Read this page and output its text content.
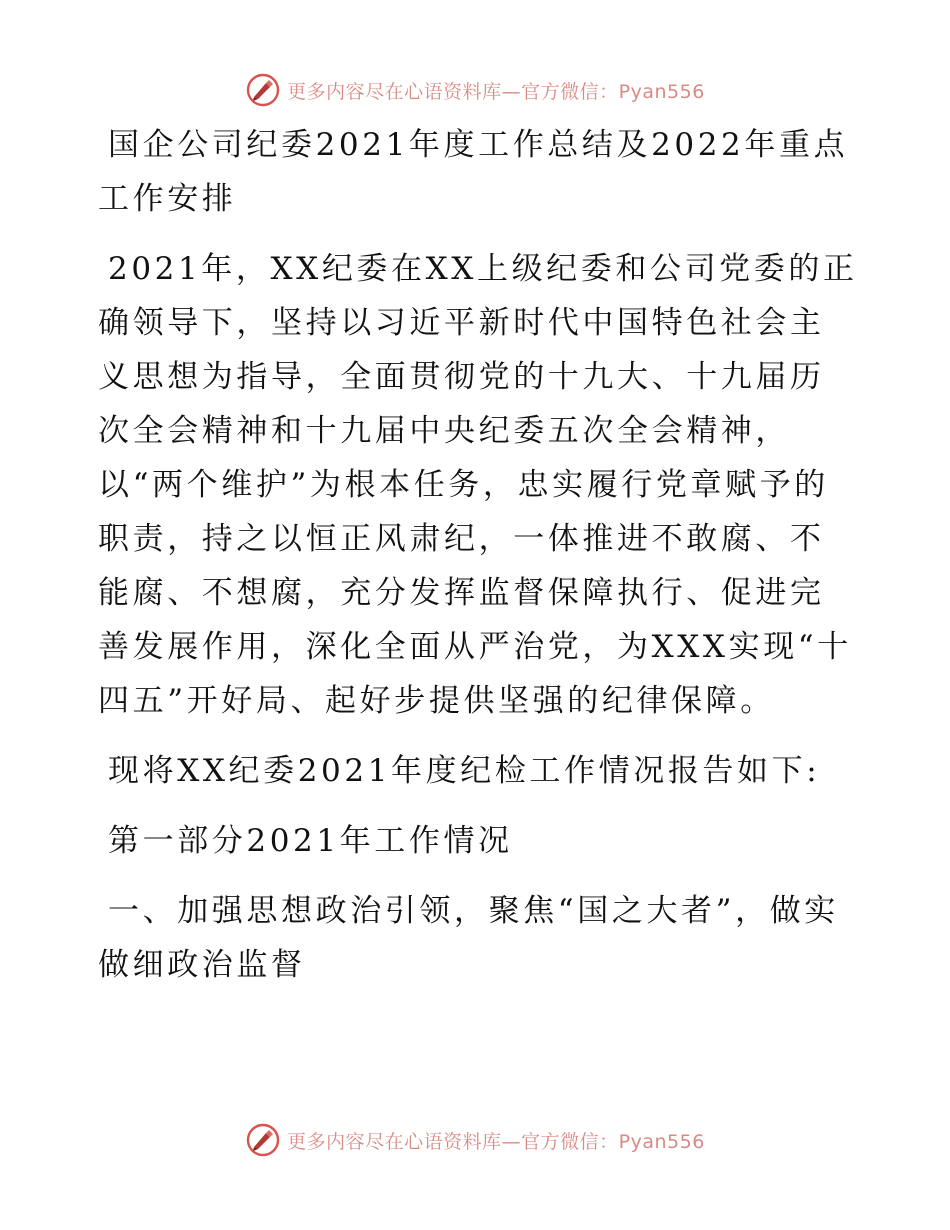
更多内容尽在心语资料库—官方微信：Pyan556

国企公司纪委2021年度工作总结及2022年重点工作安排

2021年，XX纪委在XX上级纪委和公司党委的正确领导下，坚持以习近平新时代中国特色社会主义思想为指导，全面贯彻党的十九大、十九届历次全会精神和十九届中央纪委五次全会精神，以“两个维护”为根本任务，忠实履行党章赋予的职责，持之以恒正风肃纪，一体推进不敢腐、不能腐、不想腐，充分发挥监督保障执行、促进完善发展作用，深化全面从严治党，为XXX实现“十四五”开好局、起好步提供坚强的纪律保障。

现将XX纪委2021年度纪检工作情况报告如下:

第一部分2021年工作情况

一、加强思想政治引领，聚焦“国之大者”，做实做细政治监督

更多内容尽在心语资料库—官方微信：Pyan556
